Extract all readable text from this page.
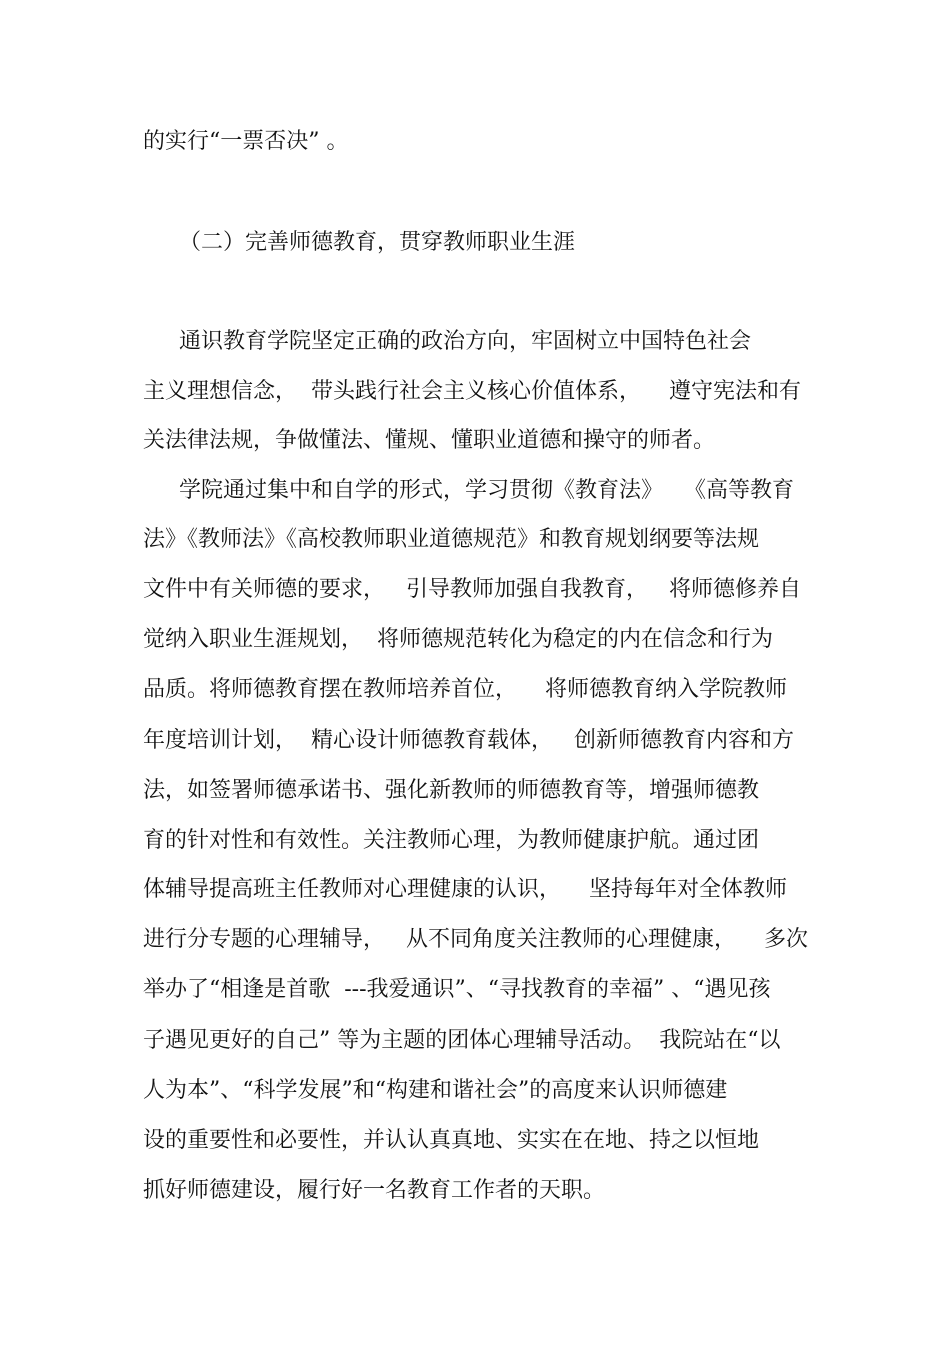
的实行“一票否决” 。

（二）完善师德教育，贯穿教师职业生涯

通识教育学院坚定正确的政治方向，牢固树立中国特色社会

主义理想信念，  带头践行社会主义核心价值体系，    遵守宪法和有

关法律法规，争做懂法、懂规、懂职业道德和操守的师者。

学院通过集中和自学的形式，学习贯彻《教育法》   《高等教育

法》《教师法》《高校教师职业道德规范》和教育规划纲要等法规

文件中有关师德的要求，   引导教师加强自我教育，   将师德修养自

觉纳入职业生涯规划，  将师德规范转化为稳定的内在信念和行为

品质。将师德教育摆在教师培养首位，    将师德教育纳入学院教师

年度培训计划，  精心设计师德教育载体，   创新师德教育内容和方

法，如签署师德承诺书、强化新教师的师德教育等，增强师德教

育的针对性和有效性。关注教师心理，为教师健康护航。通过团

体辅导提高班主任教师对心理健康的认识，    坚持每年对全体教师

进行分专题的心理辅导，   从不同角度关注教师的心理健康，    多次

举办了“相逢是首歌  ---我爱通识”、“寻找教育的幸福” 、“遇见孩

子遇见更好的自己” 等为主题的团体心理辅导活动。  我院站在“以

人为本”、“科学发展”和“构建和谐社会”的高度来认识师德建

设的重要性和必要性，并认认真真地、实实在在地、持之以恒地

抓好师德建设，履行好一名教育工作者的天职。
